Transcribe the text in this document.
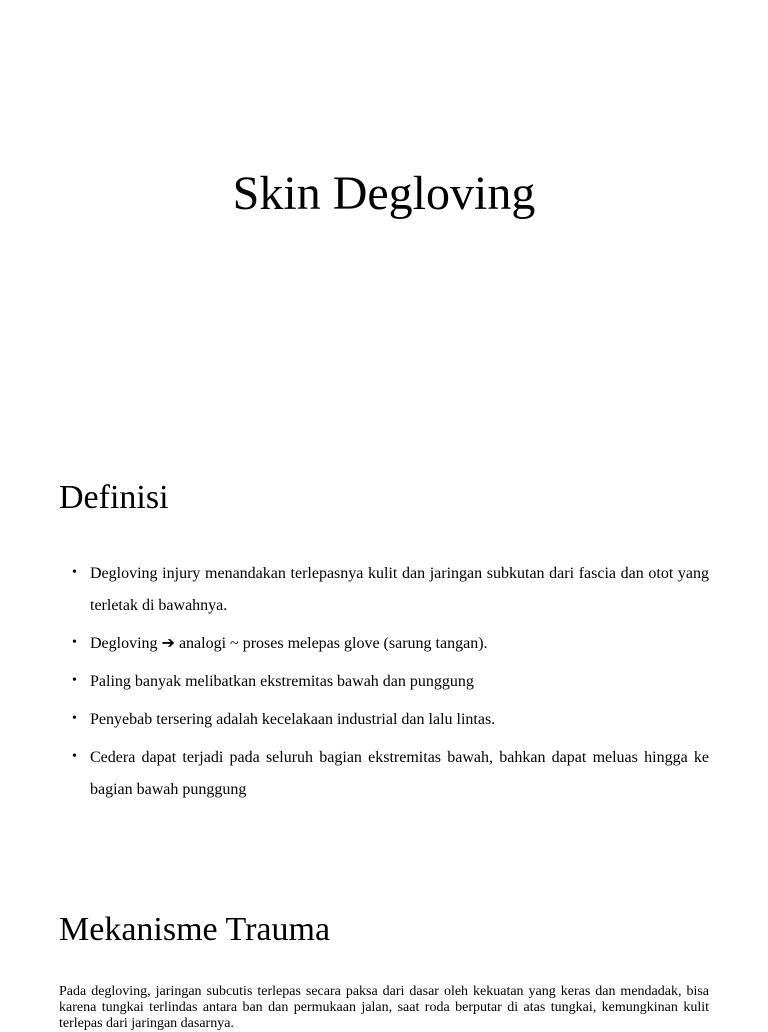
Skin Degloving
Definisi
• Degloving injury menandakan terlepasnya kulit dan jaringan subkutan dari fascia dan otot yang terletak di bawahnya.
• Degloving ➔ analogi ~ proses melepas glove (sarung tangan).
• Paling banyak melibatkan ekstremitas bawah dan punggung
• Penyebab tersering adalah kecelakaan industrial dan lalu lintas.
• Cedera dapat terjadi pada seluruh bagian ekstremitas bawah, bahkan dapat meluas hingga ke bagian bawah punggung
Mekanisme Trauma

Pada degloving, jaringan subcutis terlepas secara paksa dari dasar oleh kekuatan yang keras dan mendadak, bisa karena tungkai terlindas antara ban dan permukaan jalan, saat roda berputar di atas tungkai, kemungkinan kulit terlepas dari jaringan dasarnya.
